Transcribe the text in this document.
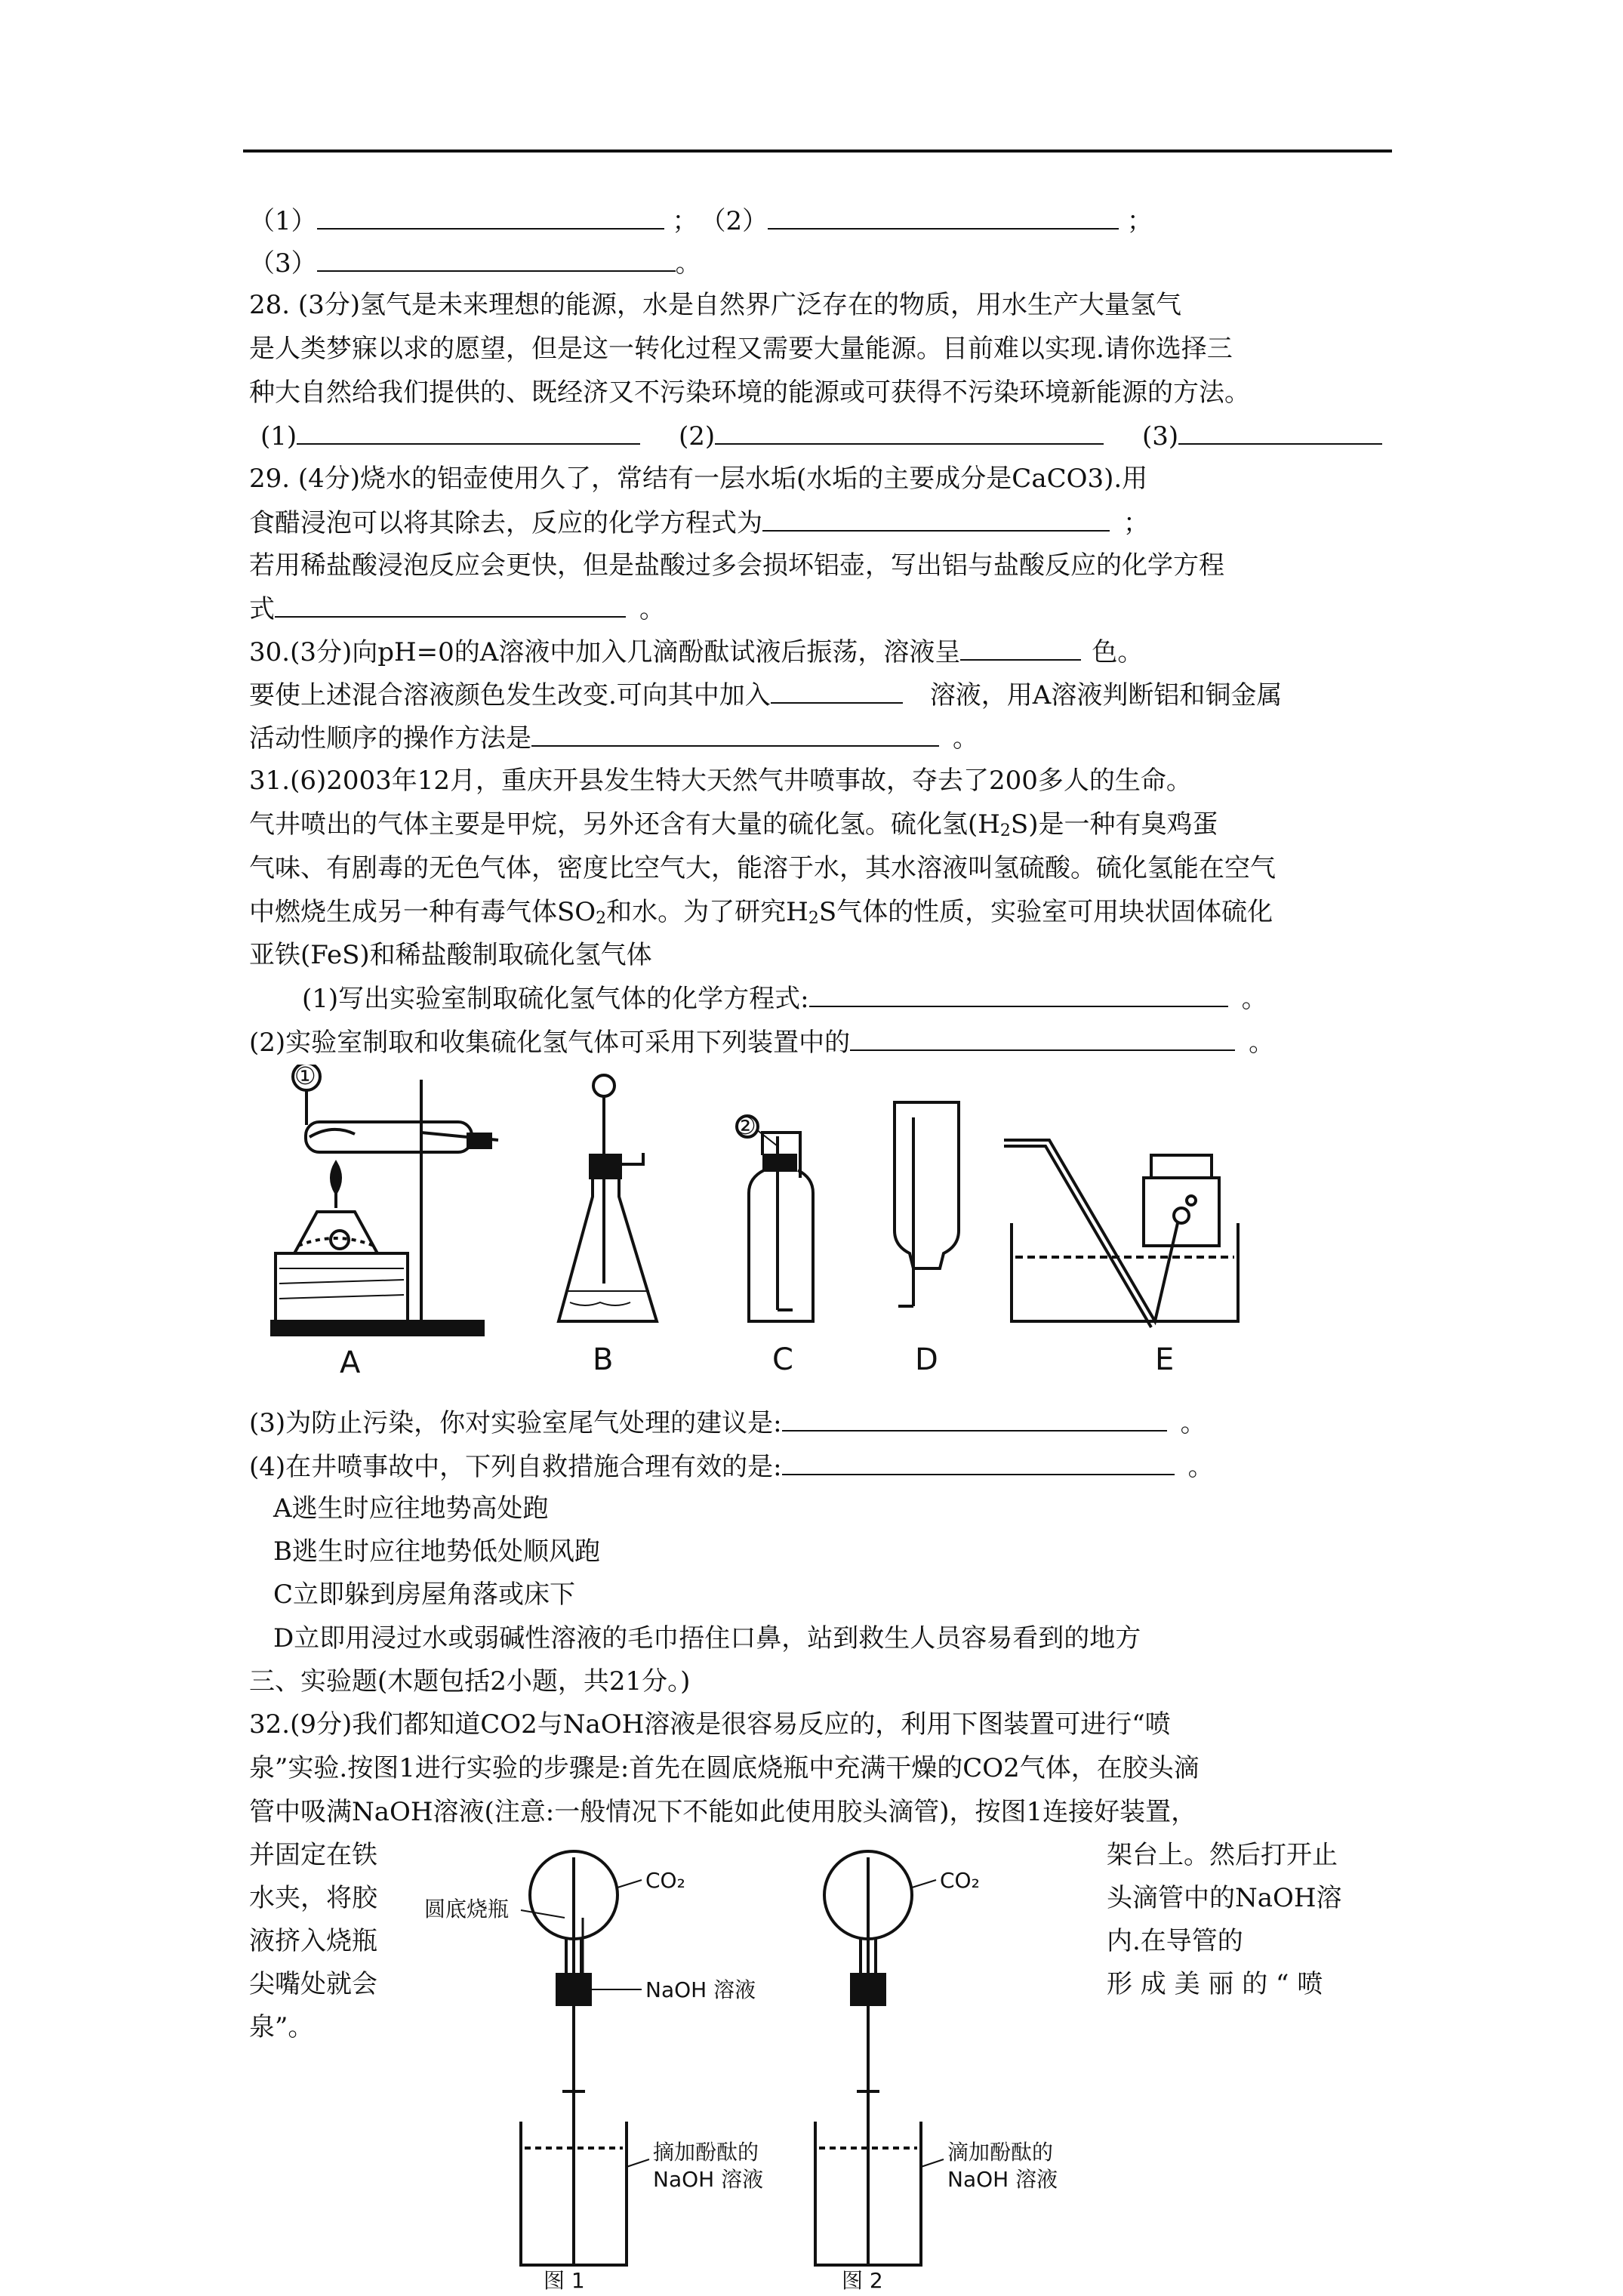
（1）	； （2）	；
（3）	。
28. (3分)氢气是未来理想的能源，水是自然界广泛存在的物质，用水生产大量氢气
是人类梦寐以求的愿望，但是这一转化过程又需要大量能源。目前难以实现.请你选择三
种大自然给我们提供的、既经济又不污染环境的能源或可获得不污染环境新能源的方法。
(1)	(2)	(3)
29. (4分)烧水的铝壶使用久了，常结有一层水垢(水垢的主要成分是CaCO3).用
食醋浸泡可以将其除去，反应的化学方程式为	；
若用稀盐酸浸泡反应会更快，但是盐酸过多会损坏铝壶，写出铝与盐酸反应的化学方程
式	。
30.(3分)向pH=0的A溶液中加入几滴酚酞试液后振荡，溶液呈	色。
要使上述混合溶液颜色发生改变.可向其中加入	溶液，用A溶液判断铝和铜金属
活动性顺序的操作方法是	。
31.(6)2003年12月，重庆开县发生特大天然气井喷事故，夺去了200多人的生命。
气井喷出的气体主要是甲烷，另外还含有大量的硫化氢。硫化氢$(H_2S)$是一种有臭鸡蛋
气味、有剧毒的无色气体，密度比空气大，能溶于水，其水溶液叫氢硫酸。硫化氢能在空气
中燃烧生成另一种有毒气体$SO_2$和水。为了研究$H_2S$气体的性质，实验室可用块状固体硫化
亚铁(FeS)和稀盐酸制取硫化氢气体
(1)写出实验室制取硫化氢气体的化学方程式:	。
(2)实验室制取和收集硫化氢气体可采用下列装置中的	。
A	B	C	D	E
①
②
(3)为防止污染，你对实验室尾气处理的建议是:	。
(4)在井喷事故中，下列自救措施合理有效的是:	。
A逃生时应往地势高处跑
B逃生时应往地势低处顺风跑
C立即躲到房屋角落或床下
D立即用浸过水或弱碱性溶液的毛巾捂住口鼻，站到救生人员容易看到的地方
三、实验题(木题包括2小题，共21分。)
32.(9分)我们都知道CO2与NaOH溶液是很容易反应的，利用下图装置可进行“喷
泉”实验.按图1进行实验的步骤是:首先在圆底烧瓶中充满干燥的CO2气体，在胶头滴
管中吸满NaOH溶液(注意:一般情况下不能如此使用胶头滴管)，按图1连接好装置，
并固定在铁
水夹，将胶
液挤入烧瓶
尖嘴处就会
泉”。
架台上。然后打开止
头滴管中的NaOH溶
内.在导管的
形 成 美 丽 的 “ 喷
CO₂	CO₂
圆底烧瓶
NaOH 溶液
摘加酚酞的
NaOH 溶液
滴加酚酞的
NaOH 溶液
图 1	图 2
